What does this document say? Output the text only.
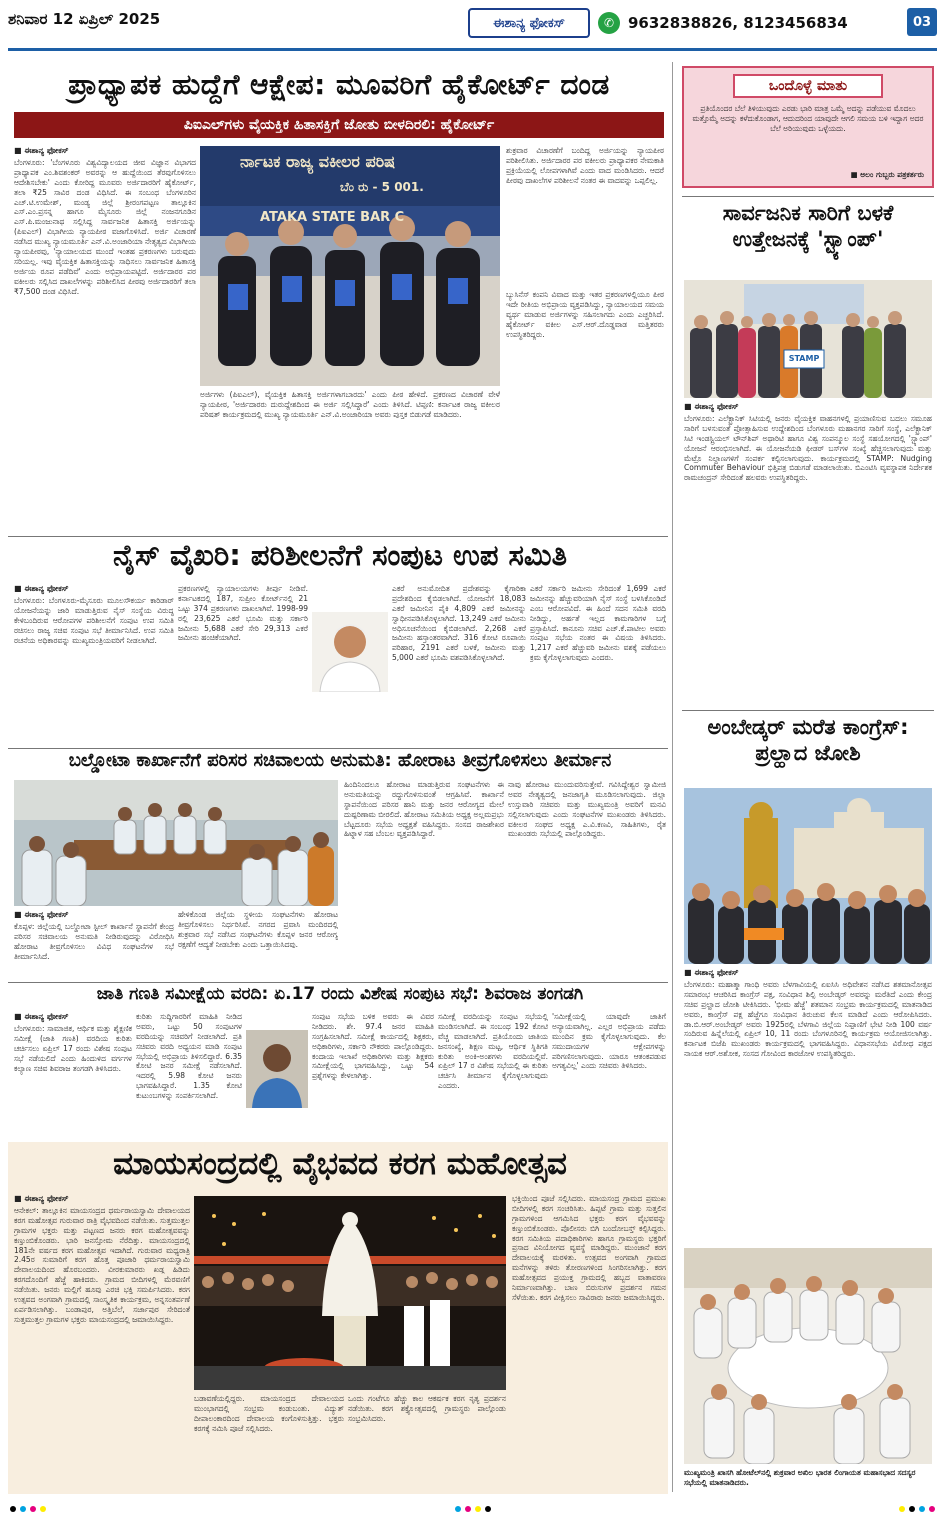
ಶನಿವಾರ 12 ಏಪ್ರಿಲ್ 2025	ಈಶಾನ್ಯ ಫೋಕಸ್	✆ 9632838826, 8123456834	03
ಪ್ರಾಧ್ಯಾಪಕ ಹುದ್ದೆಗೆ ಆಕ್ಷೇಪ: ಮೂವರಿಗೆ ಹೈಕೋರ್ಟ್ ದಂಡ
ಪಿಐಎಲ್‌ಗಳು ವೈಯಕ್ತಿಕ ಹಿತಾಸಕ್ತಿಗೆ ಜೋತು ಬೀಳದಿರಲಿ: ಹೈಕೋರ್ಟ್
■ ಈಶಾನ್ಯ ಫೋಕಸ್
ಬೆಂಗಳೂರು: 'ಬೆಂಗಳೂರು ವಿಶ್ವವಿದ್ಯಾಲಯದ ಜೀವ ವಿಜ್ಞಾನ ವಿಭಾಗದ ಪ್ರಾಧ್ಯಾಪಕ ಎಂ.ಶಿವಶಂಕರ್ ಅವರನ್ನು ಆ ಹುದ್ದೆಯಿಂದ ತೆರವುಗೊಳಿಸಲು ಆದೇಶಿಸಬೇಕು' ಎಂದು ಕೋರಿದ್ದ ಮೂವರು ಅರ್ಜಿದಾರರಿಗೆ ಹೈಕೋರ್ಟ್, ತಲಾ ₹25 ಸಾವಿರ ದಂಡ ವಿಧಿಸಿದೆ. ಈ ಸಂಬಂಧ ಬೆಂಗಳೂರಿನ ಎಚ್.ಟಿ.ಉಮೇಶ್, ಮಂಡ್ಯ ಜಿಲ್ಲೆ ಶ್ರೀರಂಗಪಟ್ಟಣ ತಾಲ್ಲೂಕಿನ ಎಸ್.ಎಂ.ಪ್ರಸನ್ನ ಹಾಗೂ ಮೈಸೂರು ಜಿಲ್ಲೆ ನಂಜನಗೂಡಿನ ಎಸ್.ಪಿ.ಮಂಜುನಾಥ ಸಲ್ಲಿಸಿದ್ದ ಸಾರ್ವಜನಿಕ ಹಿತಾಸಕ್ತಿ ಅರ್ಜಿಯನ್ನು (ಪಿಐಎಲ್) ವಿಭಾಗೀಯ ನ್ಯಾಯಪೀಠ ವಜಾಗೊಳಿಸಿದೆ. ಅರ್ಜಿ ವಿಚಾರಣೆ ನಡೆಸಿದ ಮುಖ್ಯ ನ್ಯಾಯಮೂರ್ತಿ ಎನ್.ವಿ.ಅಂಜಾರಿಯಾ ನೇತೃತ್ವದ ವಿಭಾಗೀಯ ನ್ಯಾಯಪೀಠವು, 'ನ್ಯಾಯಾಲಯದ ಮುಂದೆ ಇಂತಹ ಪ್ರಕರಣಗಳು ಬರುವುದು ಸರಿಯಲ್ಲ. ಇವು ವೈಯಕ್ತಿಕ ಹಿತಾಸಕ್ತಿಯನ್ನು ಸಾಧಿಸಲು ಸಾರ್ವಜನಿಕ ಹಿತಾಸಕ್ತಿ ಅರ್ಜಿಯ ರೂಪ ಪಡೆದಿವೆ' ಎಂದು ಅಭಿಪ್ರಾಯಪಟ್ಟಿದೆ. ಅರ್ಜಿದಾರರ ಪರ ವಕೀಲರು ಸಲ್ಲಿಸಿದ ದಾಖಲೆಗಳನ್ನು ಪರಿಶೀಲಿಸಿದ ಪೀಠವು ಅರ್ಜಿದಾರರಿಗೆ ತಲಾ ₹7,500 ದಂಡ ವಿಧಿಸಿದೆ.
ರ್ನಾಟಕ ರಾಜ್ಯ ವಕೀಲರ ಪರಿಷ
ಬೆಂ ರು - 5 001.
ATAKA STATE BAR C
ಅರ್ಜಿಗಳು (ಪಿಐಎಲ್), ವೈಯಕ್ತಿಕ ಹಿತಾಸಕ್ತಿ ಅರ್ಜಿಗಳಾಗಬಾರದು' ಎಂದು ಪೀಠ ಹೇಳಿದೆ. ಪ್ರಕರಣದ ವಿಚಾರಣೆ ವೇಳೆ ನ್ಯಾಯಪೀಠ, 'ಅರ್ಜಿದಾರರು ದುರುದ್ದೇಶದಿಂದ ಈ ಅರ್ಜಿ ಸಲ್ಲಿಸಿದ್ದಾರೆ' ಎಂದು ತಿಳಿಸಿದೆ. ಟಿಪ್ಪಣಿ: ಕರ್ನಾಟಕ ರಾಜ್ಯ ವಕೀಲರ ಪರಿಷತ್ ಕಾರ್ಯಕ್ರಮದಲ್ಲಿ ಮುಖ್ಯ ನ್ಯಾಯಮೂರ್ತಿ ಎನ್.ವಿ.ಅಂಜಾರಿಯಾ ಅವರು ಪುಸ್ತಕ ಬಿಡುಗಡೆ ಮಾಡಿದರು.
ಶುಕ್ರವಾರ ವಿಚಾರಣೆಗೆ ಬಂದಿದ್ದ ಅರ್ಜಿಯನ್ನು ನ್ಯಾಯಪೀಠ ಪರಿಶೀಲಿಸಿತು. ಅರ್ಜಿದಾರರ ಪರ ವಕೀಲರು ಪ್ರಾಧ್ಯಾಪಕರ ನೇಮಕಾತಿ ಪ್ರಕ್ರಿಯೆಯಲ್ಲಿ ಲೋಪಗಳಾಗಿವೆ ಎಂದು ವಾದ ಮಂಡಿಸಿದರು. ಆದರೆ ಪೀಠವು ದಾಖಲೆಗಳ ಪರಿಶೀಲನೆ ನಂತರ ಈ ವಾದವನ್ನು ಒಪ್ಪಲಿಲ್ಲ.
ಬ್ಯುಸಿನೆಸ್ ಕಂಪನಿ ವಿವಾದ ಮತ್ತು ಇತರ ಪ್ರಕರಣಗಳಲ್ಲಿಯೂ ಪೀಠ ಇದೇ ರೀತಿಯ ಅಭಿಪ್ರಾಯ ವ್ಯಕ್ತಪಡಿಸಿದ್ದು, ನ್ಯಾಯಾಲಯದ ಸಮಯ ವ್ಯರ್ಥ ಮಾಡುವ ಅರ್ಜಿಗಳನ್ನು ಸಹಿಸಲಾಗದು ಎಂದು ಎಚ್ಚರಿಸಿದೆ. ಹೈಕೋರ್ಟ್ ವಕೀಲ ಎಸ್.ಆರ್.ದೊಡ್ಡವಾಡ ಮತ್ತಿತರರು ಉಪಸ್ಥಿತರಿದ್ದರು.
ಒಂದೊಳ್ಳೆ ಮಾತು
ಪ್ರತಿಯೊಂದರ ಬೆಲೆ ತಿಳಿಯುವುದು ಎರಡು ಭಾರಿ ಮಾತ್ರ ಒಮ್ಮೆ ಅದನ್ನು ಪಡೆಯುವ ಮೊದಲು ಮತ್ತೊಮ್ಮೆ ಅದನ್ನು ಕಳೆದುಕೊಂಡಾಗ, ಆದುದರಿಂದ ಯಾವುದೇ ಆಗಲಿ ಸಮಯ ಬಳಿ ಇದ್ದಾಗ ಅದರ ಬೆಲೆ ಅರಿಯುವುದು ಒಳ್ಳೆಯದು.
■ ಅಲಂ ಗುಬ್ಬರು ಪತ್ರಕರ್ತರು
ಸಾರ್ವಜನಿಕ ಸಾರಿಗೆ ಬಳಕೆ ಉತ್ತೇಜನಕ್ಕೆ 'ಸ್ಟ್ಯಾಂಪ್'
STAMP
■ ಈಶಾನ್ಯ ಫೋಕಸ್
ಬೆಂಗಳೂರು: ಎಲೆಕ್ಟ್ರಾನಿಕ್ ಸಿಟಿಯಲ್ಲಿ ಜನರು ವೈಯಕ್ತಿಕ ವಾಹನಗಳಲ್ಲಿ ಪ್ರಯಾಣಿಸುವ ಬದಲು ಸಮೂಹ ಸಾರಿಗೆ ಬಳಸುವಂತೆ ಪ್ರೋತ್ಸಾಹಿಸುವ ಉದ್ದೇಶದಿಂದ ಬೆಂಗಳೂರು ಮಹಾನಗರ ಸಾರಿಗೆ ಸಂಸ್ಥೆ, ಎಲೆಕ್ಟ್ರಾನಿಕ್ ಸಿಟಿ ಇಂಡಸ್ಟ್ರಿಯಲ್ ಟೌನ್‌ಶಿಪ್ ಅಥಾರಿಟಿ ಹಾಗೂ ವಿಶ್ವ ಸಂಪನ್ಮೂಲ ಸಂಸ್ಥೆ ಸಹಯೋಗದಲ್ಲಿ 'ಸ್ಟ್ಯಾಂಪ್' ಯೋಜನೆ ಆರಂಭಿಸಲಾಗಿದೆ. ಈ ಯೋಜನೆಯಡಿ ಫೀಡರ್ ಬಸ್‌ಗಳ ಸಂಖ್ಯೆ ಹೆಚ್ಚಿಸಲಾಗುವುದು ಮತ್ತು ಮೆಟ್ರೊ ನಿಲ್ದಾಣಗಳಿಗೆ ಸಂಪರ್ಕ ಕಲ್ಪಿಸಲಾಗುವುದು. ಕಾರ್ಯಕ್ರಮದಲ್ಲಿ STAMP: Nudging Commuter Behaviour ಭಿತ್ತಿಪತ್ರ ಬಿಡುಗಡೆ ಮಾಡಲಾಯಿತು. ಬಿಎಂಟಿಸಿ ವ್ಯವಸ್ಥಾಪಕ ನಿರ್ದೇಶಕ ರಾಮಚಂದ್ರನ್ ಸೇರಿದಂತೆ ಹಲವರು ಉಪಸ್ಥಿತರಿದ್ದರು.
ನೈಸ್ ವೈಖರಿ: ಪರಿಶೀಲನೆಗೆ ಸಂಪುಟ ಉಪ ಸಮಿತಿ
■ ಈಶಾನ್ಯ ಫೋಕಸ್
ಬೆಂಗಳೂರು: ಬೆಂಗಳೂರು-ಮೈಸೂರು ಮೂಲಸೌಕರ್ಯ ಕಾರಿಡಾರ್ ಯೋಜನೆಯನ್ನು ಜಾರಿ ಮಾಡುತ್ತಿರುವ ನೈಸ್ ಸಂಸ್ಥೆಯ ವಿರುದ್ಧ ಕೇಳಿಬಂದಿರುವ ಆರೋಪಗಳ ಪರಿಶೀಲನೆಗೆ ಸಂಪುಟ ಉಪ ಸಮಿತಿ ರಚಿಸಲು ರಾಜ್ಯ ಸಚಿವ ಸಂಪುಟ ಸಭೆ ತೀರ್ಮಾನಿಸಿದೆ. ಉಪ ಸಮಿತಿ ರಚನೆಯ ಅಧಿಕಾರವನ್ನು ಮುಖ್ಯಮಂತ್ರಿಯವರಿಗೆ ನೀಡಲಾಗಿದೆ.
ಪ್ರಕರಣಗಳಲ್ಲಿ ನ್ಯಾಯಾಲಯಗಳು ತೀರ್ಪು ನೀಡಿವೆ. ಕರ್ನಾಟಕದಲ್ಲಿ 187, ಸುಪ್ರೀಂ ಕೋರ್ಟ್‌ನಲ್ಲಿ 21 ಒಟ್ಟು 374 ಪ್ರಕರಣಗಳು ದಾಖಲಾಗಿವೆ. 1998-99 ರಲ್ಲಿ 23,625 ಎಕರೆ ಭೂಮಿ ಮತ್ತು ಸರ್ಕಾರಿ ಜಮೀನು 5,688 ಎಕರೆ ಸೇರಿ 29,313 ಎಕರೆ ಜಮೀನು ಹಂಚಿಕೆಯಾಗಿದೆ.
ಎಕರೆ ಅನುಮೋದಿತ ಪ್ರದೇಶವನ್ನು ಕೈಗಾರಿಕಾ ಪ್ರದೇಶದಿಂದ ಕೈಬಿಡಲಾಗಿದೆ. ಯೋಜನೆಗೆ 18,083 ಎಕರೆ ಜಮೀನಿನ ಪೈಕಿ 4,809 ಎಕರೆ ಜಮೀನನ್ನು ಸ್ವಾಧೀನಪಡಿಸಿಕೊಳ್ಳಲಾಗಿದೆ. 13,249 ಎಕರೆ ಜಮೀನು ಅಧಿಸೂಚನೆಯಿಂದ ಕೈಬಿಡಲಾಗಿದೆ. 2,268 ಎಕರೆ ಜಮೀನು ಹಸ್ತಾಂತರವಾಗಿದೆ. 316 ಕೋಟಿ ರೂಪಾಯಿ ಪರಿಹಾರ, 2191 ಎಕರೆ ಬಳಕೆ, ಜಮೀನು ಮತ್ತು 5,000 ಎಕರೆ ಭೂಮಿ ವಶಪಡಿಸಿಕೊಳ್ಳಲಾಗಿದೆ.
ಎಕರೆ ಸರ್ಕಾರಿ ಜಮೀನು ಸೇರಿದಂತೆ 1,699 ಎಕರೆ ಜಮೀನನ್ನು ಹೆಚ್ಚುವರಿಯಾಗಿ ನೈಸ್ ಸಂಸ್ಥೆ ಬಳಸಿಕೊಂಡಿದೆ ಎಂಬ ಆರೋಪವಿದೆ. ಈ ಹಿಂದೆ ಸದನ ಸಮಿತಿ ವರದಿ ನೀಡಿದ್ದು, ಅರ್ಹತೆ ಇಲ್ಲದ ಕಾಮಗಾರಿಗಳ ಬಗ್ಗೆ ಪ್ರಸ್ತಾಪಿಸಿದೆ. ಕಾನೂನು ಸಚಿವ ಎಚ್.ಕೆ.ಪಾಟೀಲ ಅವರು ಸಂಪುಟ ಸಭೆಯ ನಂತರ ಈ ವಿಷಯ ತಿಳಿಸಿದರು. 1,217 ಎಕರೆ ಹೆಚ್ಚುವರಿ ಜಮೀನು ವಶಕ್ಕೆ ಪಡೆಯಲು ಕ್ರಮ ಕೈಗೊಳ್ಳಲಾಗುವುದು ಎಂದರು.
ಅಂಬೇಡ್ಕರ್ ಮರೆತ ಕಾಂಗ್ರೆಸ್: ಪ್ರಲ್ಹಾದ ಜೋಶಿ
■ ಈಶಾನ್ಯ ಫೋಕಸ್
ಬೆಂಗಳೂರು: ಮಹಾತ್ಮಾ ಗಾಂಧಿ ಅವರು ಬೆಳಗಾವಿಯಲ್ಲಿ ಏಐಸಿಸಿ ಅಧಿವೇಶನ ನಡೆಸಿದ ಶತಮಾನೋತ್ಸವ ಸಮಾರಂಭ ಆಚರಿಸಿದ ಕಾಂಗ್ರೆಸ್ ಪಕ್ಷ, ಸಂವಿಧಾನ ಶಿಲ್ಪಿ ಅಂಬೇಡ್ಕರ್ ಅವರನ್ನು ಮರೆತಿದೆ ಎಂದು ಕೇಂದ್ರ ಸಚಿವ ಪ್ರಲ್ಹಾದ ಜೋಶಿ ಟೀಕಿಸಿದರು. 'ಭೀಮ ಹೆಜ್ಜೆ' ಶತಮಾನ ಸಂಭ್ರಮ ಕಾರ್ಯಕ್ರಮದಲ್ಲಿ ಮಾತನಾಡಿದ ಅವರು, ಕಾಂಗ್ರೆಸ್ ಪಕ್ಷ ಹೆಜ್ಜೆಗೂ ಸಂವಿಧಾನ ತಿರುಚುವ ಕೆಲಸ ಮಾಡಿದೆ ಎಂದು ಆರೋಪಿಸಿದರು. ಡಾ.ಬಿ.ಆರ್.ಅಂಬೇಡ್ಕರ್ ಅವರು 1925ರಲ್ಲಿ ಬೆಳಗಾವಿ ಜಿಲ್ಲೆಯ ನಿಪ್ಪಾಣಿಗೆ ಭೇಟಿ ನೀಡಿ 100 ವರ್ಷ ಸಂದಿರುವ ಹಿನ್ನೆಲೆಯಲ್ಲಿ ಏಪ್ರಿಲ್ 10, 11 ರಂದು ಬೆಂಗಳೂರಿನಲ್ಲಿ ಕಾರ್ಯಕ್ರಮ ಆಯೋಜಿಸಲಾಗಿತ್ತು. ಕರ್ನಾಟಕ ಬಿಜೆಪಿ ಮುಖಂಡರು ಕಾರ್ಯಕ್ರಮದಲ್ಲಿ ಭಾಗವಹಿಸಿದ್ದರು. ವಿಧಾನಸಭೆಯ ವಿರೋಧ ಪಕ್ಷದ ನಾಯಕ ಆರ್.ಅಶೋಕ, ಸಂಸದ ಗೋವಿಂದ ಕಾರಜೋಳ ಉಪಸ್ಥಿತರಿದ್ದರು.
ಮುಖ್ಯಮಂತ್ರಿ ಖಾಸಗಿ ಹೋಟೆಲ್‌ನಲ್ಲಿ ಶುಕ್ರವಾರ ಅಖಿಲ ಭಾರತ ಲಿಂಗಾಯತ ಮಹಾಸಭಾದ ಸದಸ್ಯರ ಸಭೆಯಲ್ಲಿ ಮಾತನಾಡಿದರು.
ಬಲ್ಡೋಟಾ ಕಾರ್ಖಾನೆಗೆ ಪರಿಸರ ಸಚಿವಾಲಯ ಅನುಮತಿ: ಹೋರಾಟ ತೀವ್ರಗೊಳಿಸಲು ತೀರ್ಮಾನ
■ ಈಶಾನ್ಯ ಫೋಕಸ್
ಕೊಪ್ಪಳ: ಜಿಲ್ಲೆಯಲ್ಲಿ ಬಲ್ಡೋಟಾ ಸ್ಟೀಲ್ ಕಾರ್ಖಾನೆ ಸ್ಥಾಪನೆಗೆ ಕೇಂದ್ರ ಪರಿಸರ ಸಚಿವಾಲಯ ಅನುಮತಿ ನೀಡಿರುವುದನ್ನು ವಿರೋಧಿಸಿ ಹೋರಾಟ ತೀವ್ರಗೊಳಿಸಲು ವಿವಿಧ ಸಂಘಟನೆಗಳ ಸಭೆ ತೀರ್ಮಾನಿಸಿದೆ.
ಹೇಳಿಕೊಂಡ ಜಿಲ್ಲೆಯ ಸ್ಥಳೀಯ ಸಂಘಟನೆಗಳು ಹೋರಾಟ ತೀವ್ರಗೊಳಿಸಲು ನಿರ್ಧರಿಸಿವೆ. ನಗರದ ಪ್ರವಾಸಿ ಮಂದಿರದಲ್ಲಿ ಶುಕ್ರವಾರ ಸಭೆ ನಡೆಸಿದ ಸಂಘಟನೆಗಳು ಕೊಪ್ಪಳ ಜನರ ಆರೋಗ್ಯ ರಕ್ಷಣೆಗೆ ಆದ್ಯತೆ ನೀಡಬೇಕು ಎಂದು ಒತ್ತಾಯಿಸಿದವು.
ಹಿಂದಿನಿಂದಲೂ ಹೋರಾಟ ಮಾಡುತ್ತಿರುವ ಸಂಘಟನೆಗಳು ಈ ಅನುಮತಿಯನ್ನು ರದ್ದುಗೊಳಿಸುವಂತೆ ಆಗ್ರಹಿಸಿವೆ. ಕಾರ್ಖಾನೆ ಸ್ಥಾಪನೆಯಿಂದ ಪರಿಸರ ಹಾನಿ ಮತ್ತು ಜನರ ಆರೋಗ್ಯದ ಮೇಲೆ ದುಷ್ಪರಿಣಾಮ ಬೀರಲಿದೆ. ಹೋರಾಟ ಸಮಿತಿಯ ಅಧ್ಯಕ್ಷ ಅಲ್ಲಮಪ್ರಭು ಬೆಟ್ಟದೂರು ಸಭೆಯ ಅಧ್ಯಕ್ಷತೆ ವಹಿಸಿದ್ದರು. ಸಂಸದ ರಾಜಶೇಖರ ಹಿಟ್ನಾಳ ಸಹ ಬೆಂಬಲ ವ್ಯಕ್ತಪಡಿಸಿದ್ದಾರೆ.
ನಾವು ಹೋರಾಟ ಮುಂದುವರಿಸುತ್ತೇವೆ. ಗವಿಸಿದ್ದೇಶ್ವರ ಸ್ವಾಮೀಜಿ ಅವರ ನೇತೃತ್ವದಲ್ಲಿ ಜನಜಾಗೃತಿ ಮೂಡಿಸಲಾಗುವುದು. ಜಿಲ್ಲಾ ಉಸ್ತುವಾರಿ ಸಚಿವರು ಮತ್ತು ಮುಖ್ಯಮಂತ್ರಿ ಅವರಿಗೆ ಮನವಿ ಸಲ್ಲಿಸಲಾಗುವುದು ಎಂದು ಸಂಘಟನೆಗಳ ಮುಖಂಡರು ತಿಳಿಸಿದರು. ವಕೀಲರ ಸಂಘದ ಅಧ್ಯಕ್ಷ ಎ.ವಿ.ಕಣವಿ, ಸಾಹಿತಿಗಳು, ರೈತ ಮುಖಂಡರು ಸಭೆಯಲ್ಲಿ ಪಾಲ್ಗೊಂಡಿದ್ದರು.
ಜಾತಿ ಗಣತಿ ಸಮೀಕ್ಷೆಯ ವರದಿ: ಏ.17 ರಂದು ವಿಶೇಷ ಸಂಪುಟ ಸಭೆ: ಶಿವರಾಜ ತಂಗಡಗಿ
■ ಈಶಾನ್ಯ ಫೋಕಸ್
ಬೆಂಗಳೂರು: ಸಾಮಾಜಿಕ, ಆರ್ಥಿಕ ಮತ್ತು ಶೈಕ್ಷಣಿಕ ಸಮೀಕ್ಷೆ (ಜಾತಿ ಗಣತಿ) ವರದಿಯ ಕುರಿತು ಚರ್ಚಿಸಲು ಏಪ್ರಿಲ್ 17 ರಂದು ವಿಶೇಷ ಸಂಪುಟ ಸಭೆ ನಡೆಯಲಿದೆ ಎಂದು ಹಿಂದುಳಿದ ವರ್ಗಗಳ ಕಲ್ಯಾಣ ಸಚಿವ ಶಿವರಾಜ ತಂಗಡಗಿ ತಿಳಿಸಿದರು.
ಕುರಿತು ಸುದ್ದಿಗಾರರಿಗೆ ಮಾಹಿತಿ ನೀಡಿದ ಅವರು, ಒಟ್ಟು 50 ಸಂಪುಟಗಳ ವರದಿಯನ್ನು ಸಚಿವರಿಗೆ ನೀಡಲಾಗಿದೆ. ಪ್ರತಿ ಸಚಿವರು ವರದಿ ಅಧ್ಯಯನ ಮಾಡಿ ಸಂಪುಟ ಸಭೆಯಲ್ಲಿ ಅಭಿಪ್ರಾಯ ತಿಳಿಸಲಿದ್ದಾರೆ. 6.35 ಕೋಟಿ ಜನರ ಸಮೀಕ್ಷೆ ನಡೆಸಲಾಗಿದೆ. ಇದರಲ್ಲಿ 5.98 ಕೋಟಿ ಜನರು ಭಾಗವಹಿಸಿದ್ದಾರೆ. 1.35 ಕೋಟಿ ಕುಟುಂಬಗಳನ್ನು ಸಂಪರ್ಕಿಸಲಾಗಿದೆ.
ಸಂಪುಟ ಸಭೆಯ ಬಳಿಕ ಅವರು ಈ ವಿವರ ನೀಡಿದರು. ಶೇ. 97.4 ಜನರ ಮಾಹಿತಿ ಸಂಗ್ರಹಿಸಲಾಗಿದೆ. ಸಮೀಕ್ಷೆ ಕಾರ್ಯದಲ್ಲಿ ಶಿಕ್ಷಕರು, ಅಧಿಕಾರಿಗಳು, ಸರ್ಕಾರಿ ನೌಕರರು ಪಾಲ್ಗೊಂಡಿದ್ದರು. ಕಂದಾಯ ಇಲಾಖೆ ಅಧಿಕಾರಿಗಳು ಮತ್ತು ಶಿಕ್ಷಕರು ಸಮೀಕ್ಷೆಯಲ್ಲಿ ಭಾಗವಹಿಸಿದ್ದು, ಒಟ್ಟು 54 ಪ್ರಶ್ನೆಗಳನ್ನು ಕೇಳಲಾಗಿತ್ತು.
ಸಮೀಕ್ಷೆ ವರದಿಯನ್ನು ಸಂಪುಟ ಸಭೆಯಲ್ಲಿ ಮಂಡಿಸಲಾಗಿದೆ. ಈ ಸಂಬಂಧ 192 ಕೋಟಿ ವೆಚ್ಚ ಮಾಡಲಾಗಿದೆ. ಪ್ರತಿಯೊಂದು ಜಾತಿಯ ಜನಸಂಖ್ಯೆ, ಶಿಕ್ಷಣ ಮಟ್ಟ, ಆರ್ಥಿಕ ಸ್ಥಿತಿಗತಿ ಕುರಿತು ಅಂಕಿ-ಅಂಶಗಳು ವರದಿಯಲ್ಲಿವೆ. ಏಪ್ರಿಲ್ 17 ರ ವಿಶೇಷ ಸಭೆಯಲ್ಲಿ ಈ ಕುರಿತು ಚರ್ಚಿಸಿ ತೀರ್ಮಾನ ಕೈಗೊಳ್ಳಲಾಗುವುದು ಎಂದರು.
'ಸಮೀಕ್ಷೆಯಲ್ಲಿ ಯಾವುದೇ ಜಾತಿಗೆ ಅನ್ಯಾಯವಾಗಿಲ್ಲ. ಎಲ್ಲರ ಅಭಿಪ್ರಾಯ ಪಡೆದು ಮುಂದಿನ ಕ್ರಮ ಕೈಗೊಳ್ಳಲಾಗುವುದು. ಕೆಲ ಸಮುದಾಯಗಳ ಆಕ್ಷೇಪಗಳನ್ನು ಪರಿಗಣಿಸಲಾಗುವುದು. ಯಾರೂ ಆತಂಕಪಡುವ ಅಗತ್ಯವಿಲ್ಲ' ಎಂದು ಸಚಿವರು ತಿಳಿಸಿದರು.
ಮಾಯಸಂದ್ರದಲ್ಲಿ ವೈಭವದ ಕರಗ ಮಹೋತ್ಸವ
■ ಈಶಾನ್ಯ ಫೋಕಸ್
ಆನೇಕಲ್: ತಾಲ್ಲೂಕಿನ ಮಾಯಸಂದ್ರದ ಧರ್ಮರಾಯಸ್ವಾಮಿ ದೇವಾಲಯದ ಕರಗ ಮಹೋತ್ಸವ ಗುರುವಾರ ರಾತ್ರಿ ವೈಭವದಿಂದ ನಡೆಯಿತು. ಸುತ್ತಮುತ್ತಲ ಗ್ರಾಮಗಳ ಭಕ್ತರು ಮತ್ತು ಪಟ್ಟಣದ ಜನರು ಕರಗ ಮಹೋತ್ಸವವನ್ನು ಕಣ್ತುಂಬಿಕೊಂಡರು. ಭಾರಿ ಜನಸ್ತೋಮ ನೆರೆದಿತ್ತು. ಮಾಯಸಂದ್ರದಲ್ಲಿ 181ನೇ ವರ್ಷದ ಕರಗ ಮಹೋತ್ಸವ ಇದಾಗಿದೆ. ಗುರುವಾರ ಮಧ್ಯರಾತ್ರಿ 2.45ರ ಸುಮಾರಿಗೆ ಕರಗ ಹೊತ್ತ ಪೂಜಾರಿ ಧರ್ಮರಾಯಸ್ವಾಮಿ ದೇವಾಲಯದಿಂದ ಹೊರಬಂದರು. ವೀರಕುಮಾರರು ಖಡ್ಗ ಹಿಡಿದು ಕರಗದೊಂದಿಗೆ ಹೆಜ್ಜೆ ಹಾಕಿದರು. ಗ್ರಾಮದ ಬೀದಿಗಳಲ್ಲಿ ಮೆರವಣಿಗೆ ನಡೆಯಿತು. ಜನರು ಮಲ್ಲಿಗೆ ಹೂವು ಎರಚಿ ಭಕ್ತಿ ಸಮರ್ಪಿಸಿದರು. ಕರಗ ಉತ್ಸವದ ಅಂಗವಾಗಿ ಗ್ರಾಮದಲ್ಲಿ ಸಾಂಸ್ಕೃತಿಕ ಕಾರ್ಯಕ್ರಮ, ಅನ್ನಸಂತರ್ಪಣೆ ಏರ್ಪಡಿಸಲಾಗಿತ್ತು. ಬಂಡಾಪುರ, ಅತ್ತಿಬೆಲೆ, ಸರ್ಜಾಪುರ ಸೇರಿದಂತೆ ಸುತ್ತಮುತ್ತಲ ಗ್ರಾಮಗಳ ಭಕ್ತರು ಮಾಯಸಂದ್ರದಲ್ಲಿ ಜಮಾಯಿಸಿದ್ದರು.
ಬಡಾವಣೆಯಲ್ಲಿದ್ದರು. ಮಾಯಸಂದ್ರದ ದೇವಾಲಯದ ಮುಂಭಾಗದಲ್ಲಿ ಸಂಭ್ರಮ ಕಂಡುಬಂತು. ವಿದ್ಯುತ್ ದೀಪಾಲಂಕಾರದಿಂದ ದೇವಾಲಯ ಕಂಗೊಳಿಸುತ್ತಿತ್ತು. ಭಕ್ತರು ಕರಗಕ್ಕೆ ನಮಿಸಿ ಪೂಜೆ ಸಲ್ಲಿಸಿದರು.
ಒಂದು ಗಂಟೆಗೂ ಹೆಚ್ಚು ಕಾಲ ಆಕರ್ಷಕ ಕರಗ ನೃತ್ಯ ಪ್ರದರ್ಶನ ನಡೆಯಿತು. ಕರಗ ಶಕ್ತ್ಯೋತ್ಸವದಲ್ಲಿ ಗ್ರಾಮಸ್ಥರು ಪಾಲ್ಗೊಂಡು ಸಂಭ್ರಮಿಸಿದರು.
ಭಕ್ತಿಯಿಂದ ಪೂಜೆ ಸಲ್ಲಿಸಿದರು. ಮಾಯಸಂದ್ರ ಗ್ರಾಮದ ಪ್ರಮುಖ ಬೀದಿಗಳಲ್ಲಿ ಕರಗ ಸಂಚರಿಸಿತು. ಹಿಪ್ಪಟೆ ಗ್ರಾಮ ಮತ್ತು ಸುತ್ತಲಿನ ಗ್ರಾಮಗಳಿಂದ ಆಗಮಿಸಿದ ಭಕ್ತರು ಕರಗ ವೈಭವವನ್ನು ಕಣ್ತುಂಬಿಕೊಂಡರು. ಪೊಲೀಸರು ಬಿಗಿ ಬಂದೋಬಸ್ತ್ ಕಲ್ಪಿಸಿದ್ದರು. ಕರಗ ಸಮಿತಿಯ ಪದಾಧಿಕಾರಿಗಳು ಹಾಗೂ ಗ್ರಾಮಸ್ಥರು ಭಕ್ತರಿಗೆ ಪ್ರಸಾದ ವಿನಿಯೋಗದ ವ್ಯವಸ್ಥೆ ಮಾಡಿದ್ದರು. ಮುಂಜಾನೆ ಕರಗ ದೇವಾಲಯಕ್ಕೆ ಮರಳಿತು. ಉತ್ಸವದ ಅಂಗವಾಗಿ ಗ್ರಾಮದ ಮನೆಗಳನ್ನು ತಳಿರು ತೋರಣಗಳಿಂದ ಸಿಂಗರಿಸಲಾಗಿತ್ತು. ಕರಗ ಮಹೋತ್ಸವದ ಪ್ರಯುಕ್ತ ಗ್ರಾಮದಲ್ಲಿ ಹಬ್ಬದ ವಾತಾವರಣ ನಿರ್ಮಾಣವಾಗಿತ್ತು. ಬಾಣ ಬಿರುಸುಗಳ ಪ್ರದರ್ಶನ ಗಮನ ಸೆಳೆಯಿತು. ಕರಗ ವೀಕ್ಷಿಸಲು ಸಾವಿರಾರು ಜನರು ಜಮಾಯಿಸಿದ್ದರು.
